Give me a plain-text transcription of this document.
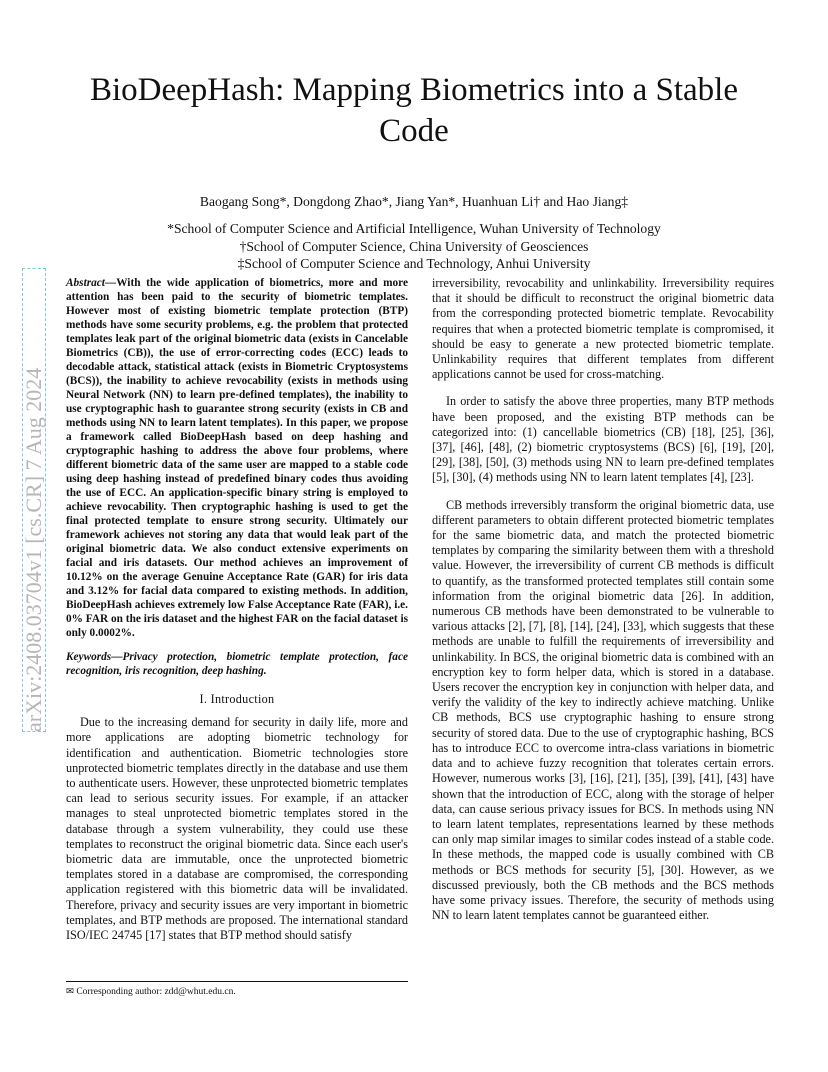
BioDeepHash: Mapping Biometrics into a Stable Code
Baogang Song*, Dongdong Zhao*, Jiang Yan*, Huanhuan Li† and Hao Jiang‡
*School of Computer Science and Artificial Intelligence, Wuhan University of Technology
†School of Computer Science, China University of Geosciences
‡School of Computer Science and Technology, Anhui University
arXiv:2408.03704v1 [cs.CR] 7 Aug 2024
Abstract—With the wide application of biometrics, more and more attention has been paid to the security of biometric templates. However most of existing biometric template protection (BTP) methods have some security problems, e.g. the problem that protected templates leak part of the original biometric data (exists in Cancelable Biometrics (CB)), the use of error-correcting codes (ECC) leads to decodable attack, statistical attack (exists in Biometric Cryptosystems (BCS)), the inability to achieve revocability (exists in methods using Neural Network (NN) to learn pre-defined templates), the inability to use cryptographic hash to guarantee strong security (exists in CB and methods using NN to learn latent templates). In this paper, we propose a framework called BioDeepHash based on deep hashing and cryptographic hashing to address the above four problems, where different biometric data of the same user are mapped to a stable code using deep hashing instead of predefined binary codes thus avoiding the use of ECC. An application-specific binary string is employed to achieve revocability. Then cryptographic hashing is used to get the final protected template to ensure strong security. Ultimately our framework achieves not storing any data that would leak part of the original biometric data. We also conduct extensive experiments on facial and iris datasets. Our method achieves an improvement of 10.12% on the average Genuine Acceptance Rate (GAR) for iris data and 3.12% for facial data compared to existing methods. In addition, BioDeepHash achieves extremely low False Acceptance Rate (FAR), i.e. 0% FAR on the iris dataset and the highest FAR on the facial dataset is only 0.0002%.
Keywords—Privacy protection, biometric template protection, face recognition, iris recognition, deep hashing.
I. Introduction

Due to the increasing demand for security in daily life, more and more applications are adopting biometric technology for identification and authentication. Biometric technologies store unprotected biometric templates directly in the database and use them to authenticate users. However, these unprotected biometric templates can lead to serious security issues. For example, if an attacker manages to steal unprotected biometric templates stored in the database through a system vulnerability, they could use these templates to reconstruct the original biometric data. Since each user's biometric data are immutable, once the unprotected biometric templates stored in a database are compromised, the corresponding application registered with this biometric data will be invalidated. Therefore, privacy and security issues are very important in biometric templates, and BTP methods are proposed. The international standard ISO/IEC 24745 [17] states that BTP method should satisfy

irreversibility, revocability and unlinkability. Irreversibility requires that it should be difficult to reconstruct the original biometric data from the corresponding protected biometric template. Revocability requires that when a protected biometric template is compromised, it should be easy to generate a new protected biometric template. Unlinkability requires that different templates from different applications cannot be used for cross-matching.

In order to satisfy the above three properties, many BTP methods have been proposed, and the existing BTP methods can be categorized into: (1) cancellable biometrics (CB) [18], [25], [36], [37], [46], [48], (2) biometric cryptosystems (BCS) [6], [19], [20], [29], [38], [50], (3) methods using NN to learn pre-defined templates [5], [30], (4) methods using NN to learn latent templates [4], [23].

CB methods irreversibly transform the original biometric data, use different parameters to obtain different protected biometric templates for the same biometric data, and match the protected biometric templates by comparing the similarity between them with a threshold value. However, the irreversibility of current CB methods is difficult to quantify, as the transformed protected templates still contain some information from the original biometric data [26]. In addition, numerous CB methods have been demonstrated to be vulnerable to various attacks [2], [7], [8], [14], [24], [33], which suggests that these methods are unable to fulfill the requirements of irreversibility and unlinkability. In BCS, the original biometric data is combined with an encryption key to form helper data, which is stored in a database. Users recover the encryption key in conjunction with helper data, and verify the validity of the key to indirectly achieve matching. Unlike CB methods, BCS use cryptographic hashing to ensure strong security of stored data. Due to the use of cryptographic hashing, BCS has to introduce ECC to overcome intra-class variations in biometric data and to achieve fuzzy recognition that tolerates certain errors. However, numerous works [3], [16], [21], [35], [39], [41], [43] have shown that the introduction of ECC, along with the storage of helper data, can cause serious privacy issues for BCS. In methods using NN to learn latent templates, representations learned by these methods can only map similar images to similar codes instead of a stable code. In these methods, the mapped code is usually combined with CB methods or BCS methods for security [5], [30]. However, as we discussed previously, both the CB methods and the BCS methods have some privacy issues. Therefore, the security of methods using NN to learn latent templates cannot be guaranteed either.

✉ Corresponding author: zdd@whut.edu.cn.
